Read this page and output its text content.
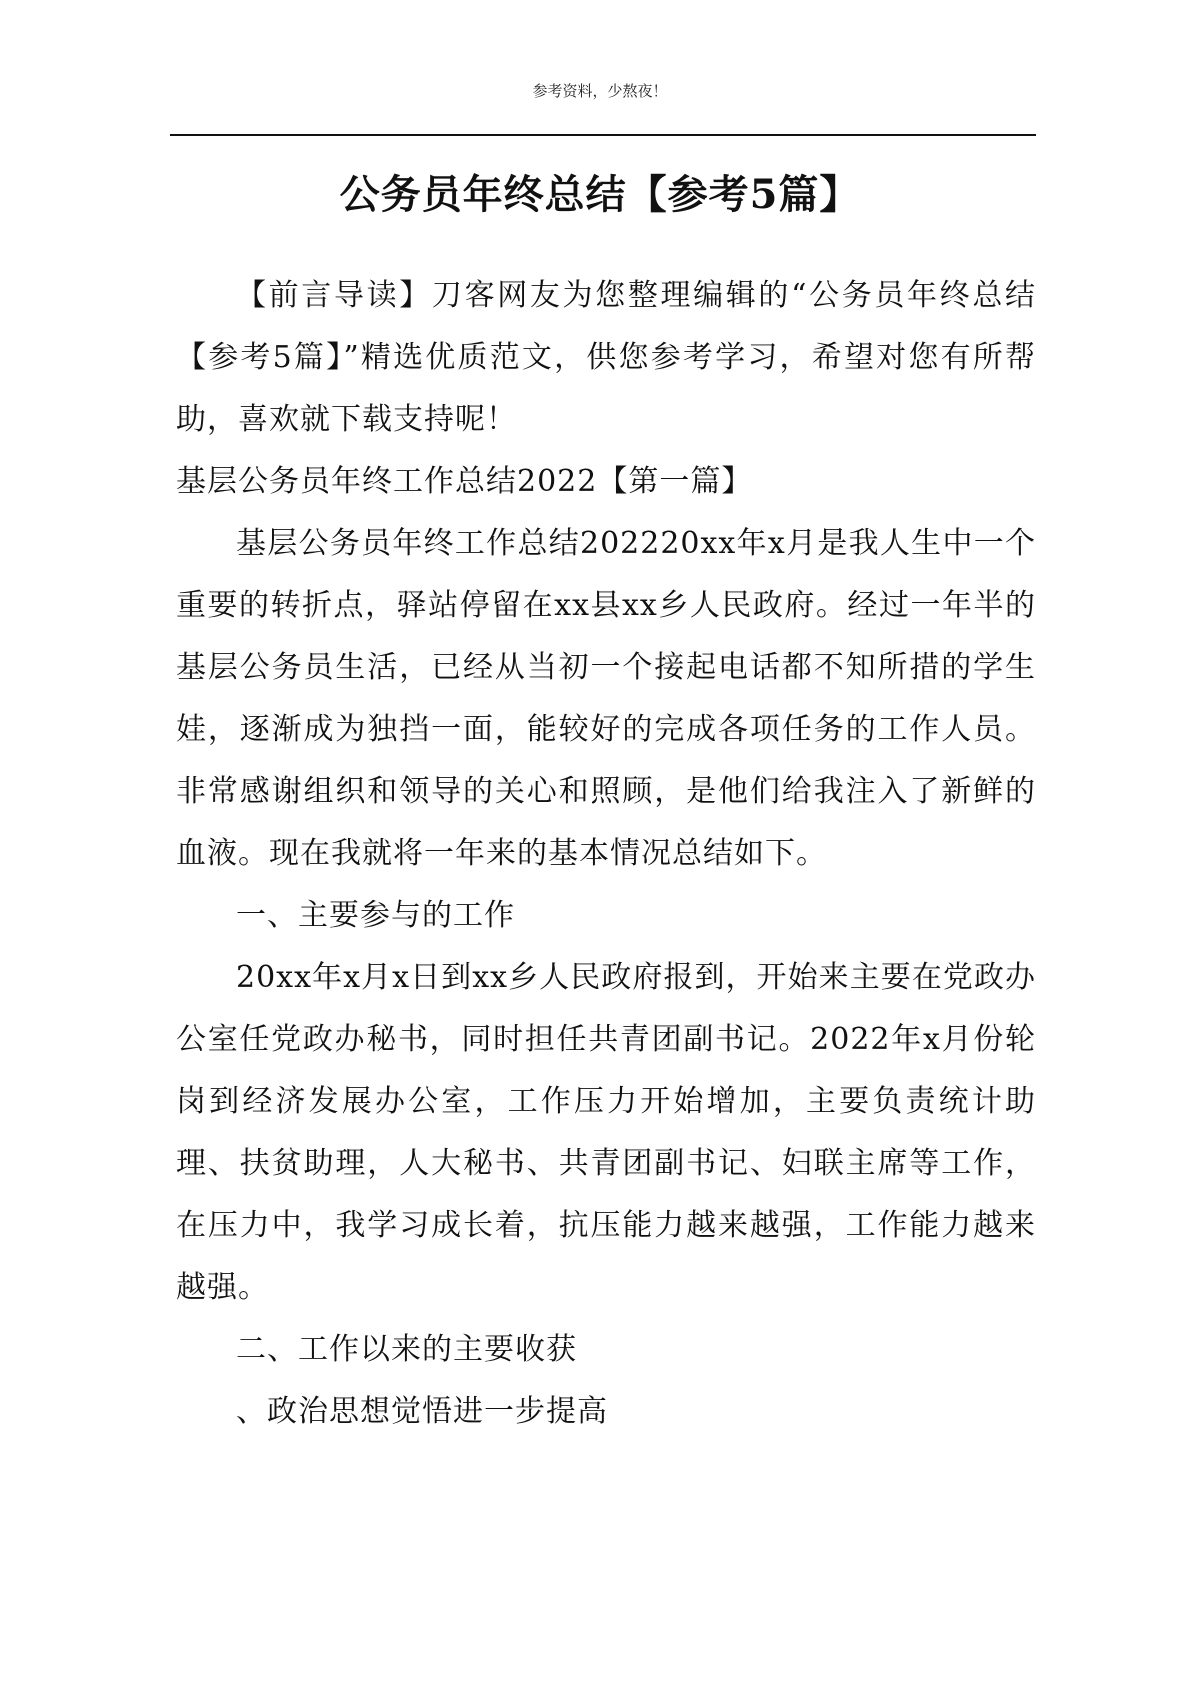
参考资料，少熬夜！
公务员年终总结【参考5篇】

【前言导读】刀客网友为您整理编辑的“公务员年终总结【参考5篇】”精选优质范文，供您参考学习，希望对您有所帮助，喜欢就下载支持呢！

基层公务员年终工作总结2022【第一篇】

基层公务员年终工作总结202220xx年x月是我人生中一个重要的转折点，驿站停留在xx县xx乡人民政府。经过一年半的基层公务员生活，已经从当初一个接起电话都不知所措的学生娃，逐渐成为独挡一面，能较好的完成各项任务的工作人员。非常感谢组织和领导的关心和照顾，是他们给我注入了新鲜的血液。现在我就将一年来的基本情况总结如下。

一、主要参与的工作

20xx年x月x日到xx乡人民政府报到，开始来主要在党政办公室任党政办秘书，同时担任共青团副书记。2022年x月份轮岗到经济发展办公室，工作压力开始增加，主要负责统计助理、扶贫助理，人大秘书、共青团副书记、妇联主席等工作，在压力中，我学习成长着，抗压能力越来越强，工作能力越来越强。

二、工作以来的主要收获

、政治思想觉悟进一步提高
